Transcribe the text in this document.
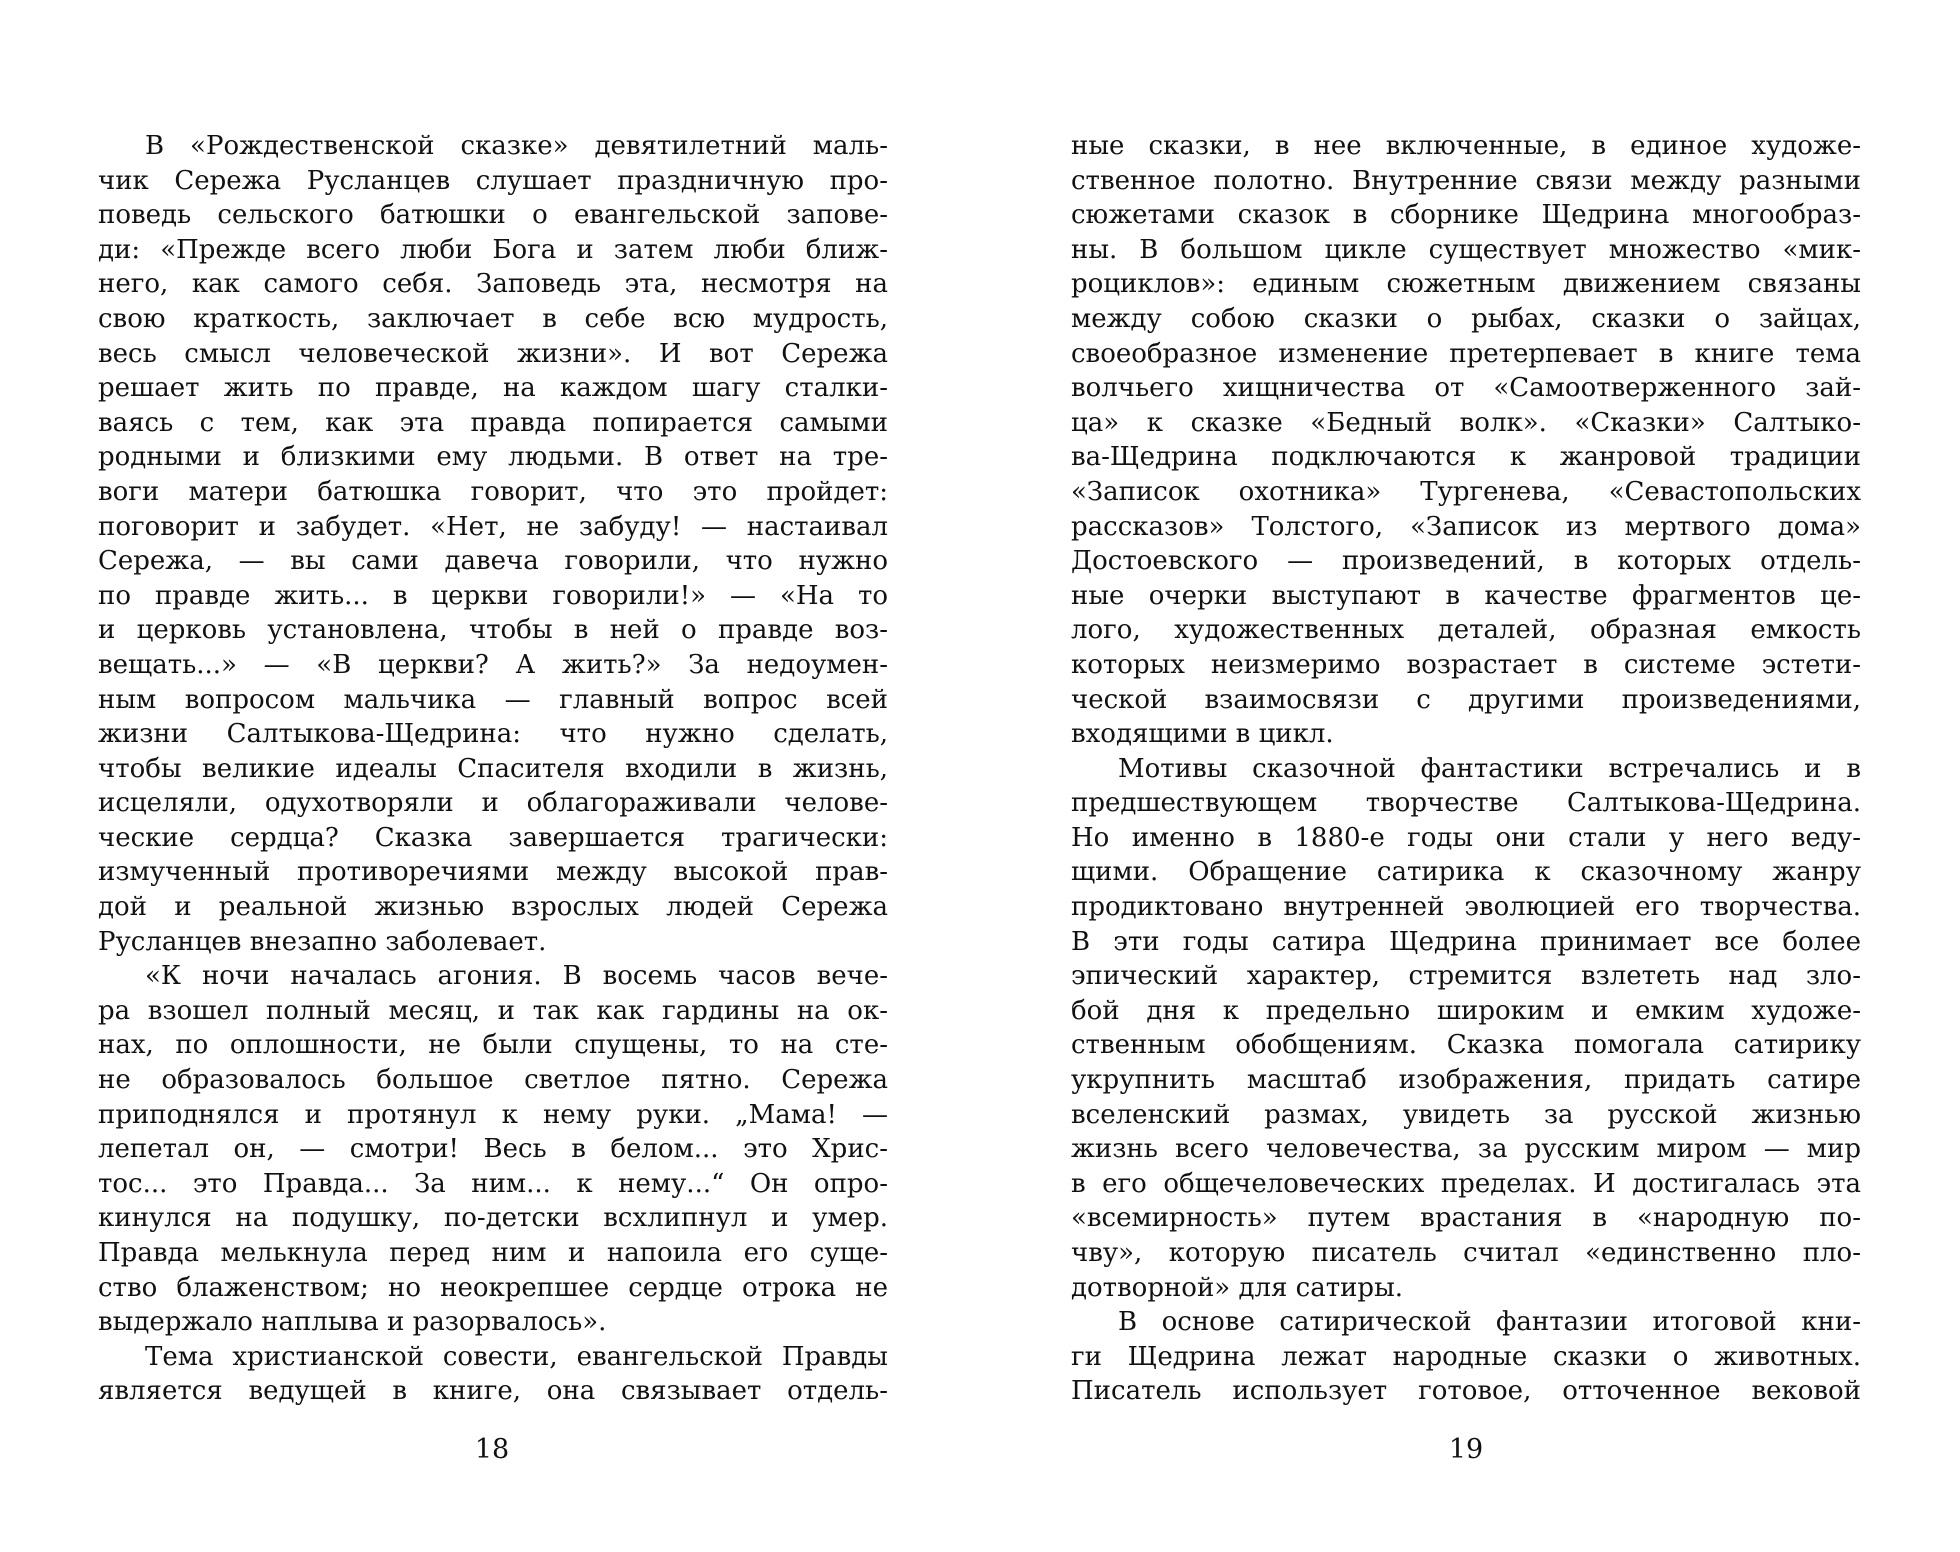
В «Рождественской сказке» девятилетний маль-
чик Сережа Русланцев слушает праздничную про-
поведь сельского батюшки о евангельской запове-
ди: «Прежде всего люби Бога и затем люби ближ-
него, как самого себя. Заповедь эта, несмотря на
свою краткость, заключает в себе всю мудрость,
весь смысл человеческой жизни». И вот Сережа
решает жить по правде, на каждом шагу сталки-
ваясь с тем, как эта правда попирается самыми
родными и близкими ему людьми. В ответ на тре-
воги матери батюшка говорит, что это пройдет:
поговорит и забудет. «Нет, не забуду! — настаивал
Сережа, — вы сами давеча говорили, что нужно
по правде жить... в церкви говорили!» — «На то
и церковь установлена, чтобы в ней о правде воз-
вещать...» — «В церкви? А жить?» За недоумен-
ным вопросом мальчика — главный вопрос всей
жизни Салтыкова-Щедрина: что нужно сделать,
чтобы великие идеалы Спасителя входили в жизнь,
исцеляли, одухотворяли и облагораживали челове-
ческие сердца? Сказка завершается трагически:
измученный противоречиями между высокой прав-
дой и реальной жизнью взрослых людей Сережа
Русланцев внезапно заболевает.
«К ночи началась агония. В восемь часов вече-
ра взошел полный месяц, и так как гардины на ок-
нах, по оплошности, не были спущены, то на сте-
не образовалось большое светлое пятно. Сережа
приподнялся и протянул к нему руки. „Мама! —
лепетал он, — смотри! Весь в белом... это Хрис-
тос... это Правда... За ним... к нему...“ Он опро-
кинулся на подушку, по-детски всхлипнул и умер.
Правда мелькнула перед ним и напоила его суще-
ство блаженством; но неокрепшее сердце отрока не
выдержало наплыва и разорвалось».
Тема христианской совести, евангельской Правды
является ведущей в книге, она связывает отдель-
18
ные сказки, в нее включенные, в единое художе-
ственное полотно. Внутренние связи между разными
сюжетами сказок в сборнике Щедрина многообраз-
ны. В большом цикле существует множество «мик-
роциклов»: единым сюжетным движением связаны
между собою сказки о рыбах, сказки о зайцах,
своеобразное изменение претерпевает в книге тема
волчьего хищничества от «Самоотверженного зай-
ца» к сказке «Бедный волк». «Сказки» Салтыко-
ва-Щедрина подключаются к жанровой традиции
«Записок охотника» Тургенева, «Севастопольских
рассказов» Толстого, «Записок из мертвого дома»
Достоевского — произведений, в которых отдель-
ные очерки выступают в качестве фрагментов це-
лого, художественных деталей, образная емкость
которых неизмеримо возрастает в системе эстети-
ческой взаимосвязи с другими произведениями,
входящими в цикл.
Мотивы сказочной фантастики встречались и в
предшествующем творчестве Салтыкова-Щедрина.
Но именно в 1880-е годы они стали у него веду-
щими. Обращение сатирика к сказочному жанру
продиктовано внутренней эволюцией его творчества.
В эти годы сатира Щедрина принимает все более
эпический характер, стремится взлететь над зло-
бой дня к предельно широким и емким художе-
ственным обобщениям. Сказка помогала сатирику
укрупнить масштаб изображения, придать сатире
вселенский размах, увидеть за русской жизнью
жизнь всего человечества, за русским миром — мир
в его общечеловеческих пределах. И достигалась эта
«всемирность» путем врастания в «народную по-
чву», которую писатель считал «единственно пло-
дотворной» для сатиры.
В основе сатирической фантазии итоговой кни-
ги Щедрина лежат народные сказки о животных.
Писатель использует готовое, отточенное вековой
19
